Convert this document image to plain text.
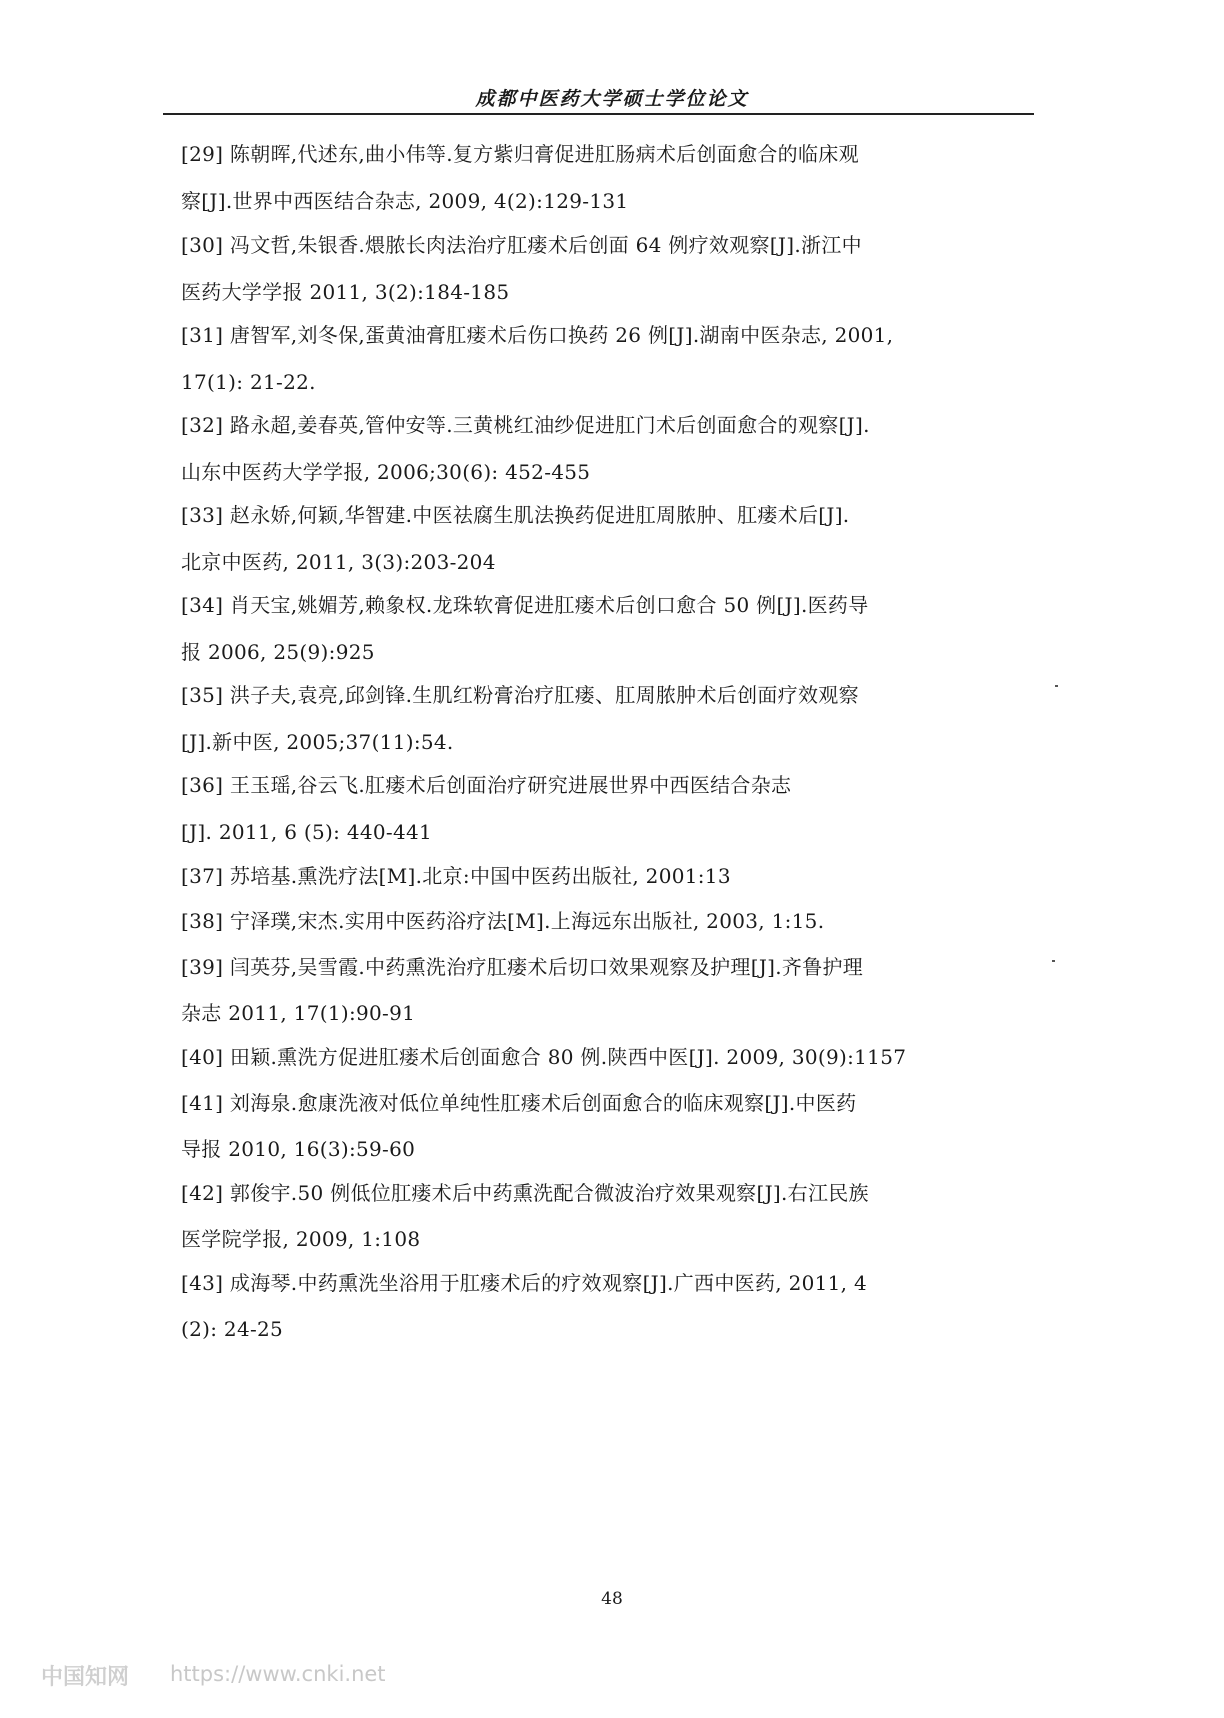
成都中医药大学硕士学位论文
[29] 陈朝晖,代述东,曲小伟等.复方紫归膏促进肛肠病术后创面愈合的临床观
察[J].世界中西医结合杂志, 2009, 4(2):129-131
[30] 冯文哲,朱银香.煨脓长肉法治疗肛瘘术后创面 64 例疗效观察[J].浙江中
医药大学学报 2011, 3(2):184-185
[31] 唐智军,刘冬保,蛋黄油膏肛瘘术后伤口换药 26 例[J].湖南中医杂志, 2001,
17(1): 21-22.
[32] 路永超,姜春英,管仲安等.三黄桃红油纱促进肛门术后创面愈合的观察[J].
山东中医药大学学报, 2006;30(6): 452-455
[33] 赵永娇,何颖,华智建.中医祛腐生肌法换药促进肛周脓肿、肛瘘术后[J].
北京中医药, 2011, 3(3):203-204
[34] 肖天宝,姚媚芳,赖象权.龙珠软膏促进肛瘘术后创口愈合 50 例[J].医药导
报 2006, 25(9):925
[35] 洪子夫,袁亮,邱剑锋.生肌红粉膏治疗肛瘘、肛周脓肿术后创面疗效观察
[J].新中医, 2005;37(11):54.
[36] 王玉瑶,谷云飞.肛瘘术后创面治疗研究进展世界中西医结合杂志
[J]. 2011, 6 (5): 440-441
[37] 苏培基.熏洗疗法[M].北京:中国中医药出版社, 2001:13
[38] 宁泽璞,宋杰.实用中医药浴疗法[M].上海远东出版社, 2003, 1:15.
[39] 闫英芬,吴雪霞.中药熏洗治疗肛瘘术后切口效果观察及护理[J].齐鲁护理
杂志 2011, 17(1):90-91
[40] 田颖.熏洗方促进肛瘘术后创面愈合 80 例.陕西中医[J]. 2009, 30(9):1157
[41] 刘海泉.愈康洗液对低位单纯性肛瘘术后创面愈合的临床观察[J].中医药
导报 2010, 16(3):59-60
[42] 郭俊宇.50 例低位肛瘘术后中药熏洗配合微波治疗效果观察[J].右江民族
医学院学报, 2009, 1:108
[43] 成海琴.中药熏洗坐浴用于肛瘘术后的疗效观察[J].广西中医药, 2011, 4
(2): 24-25
48
中国知网 https://www.cnki.net
